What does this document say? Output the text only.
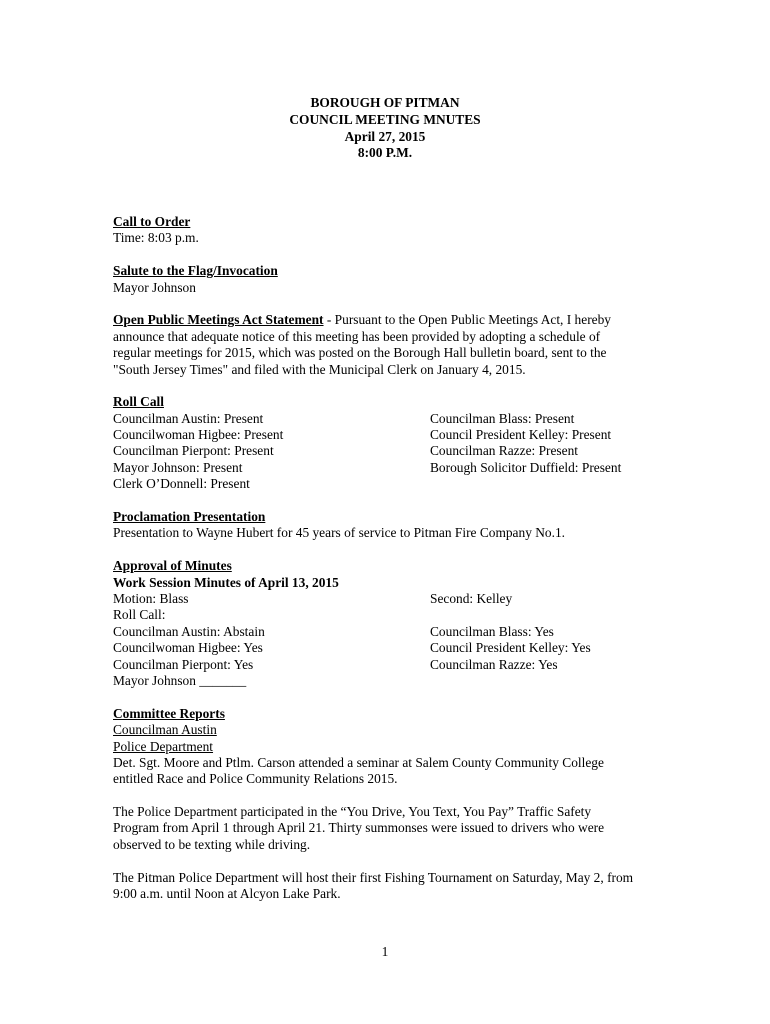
BOROUGH OF PITMAN
COUNCIL MEETING MNUTES
April 27, 2015
8:00 P.M.
Call to Order
Time: 8:03 p.m.
Salute to the Flag/Invocation
Mayor Johnson
Open Public Meetings Act Statement - Pursuant to the Open Public Meetings Act, I hereby
announce that adequate notice of this meeting has been provided by adopting a schedule of
regular meetings for 2015, which was posted on the Borough Hall bulletin board, sent to the
"South Jersey Times" and filed with the Municipal Clerk on January 4, 2015.
Roll Call
Councilman Austin: Present	Councilman Blass: Present
Councilwoman Higbee: Present	Council President Kelley: Present
Councilman Pierpont: Present	Councilman Razze: Present
Mayor Johnson: Present	Borough Solicitor Duffield: Present
Clerk O’Donnell: Present
Proclamation Presentation
Presentation to Wayne Hubert for 45 years of service to Pitman Fire Company No.1.
Approval of Minutes
Work Session Minutes of April 13, 2015
Motion: Blass	Second: Kelley
Roll Call:
Councilman Austin: Abstain	Councilman Blass: Yes
Councilwoman Higbee: Yes	Council President Kelley: Yes
Councilman Pierpont: Yes	Councilman Razze: Yes
Mayor Johnson _______
Committee Reports
Councilman Austin
Police Department
Det. Sgt. Moore and Ptlm. Carson attended a seminar at Salem County Community College
entitled Race and Police Community Relations 2015.
The Police Department participated in the “You Drive, You Text, You Pay” Traffic Safety
Program from April 1 through April 21. Thirty summonses were issued to drivers who were
observed to be texting while driving.
The Pitman Police Department will host their first Fishing Tournament on Saturday, May 2, from
9:00 a.m. until Noon at Alcyon Lake Park.
1
